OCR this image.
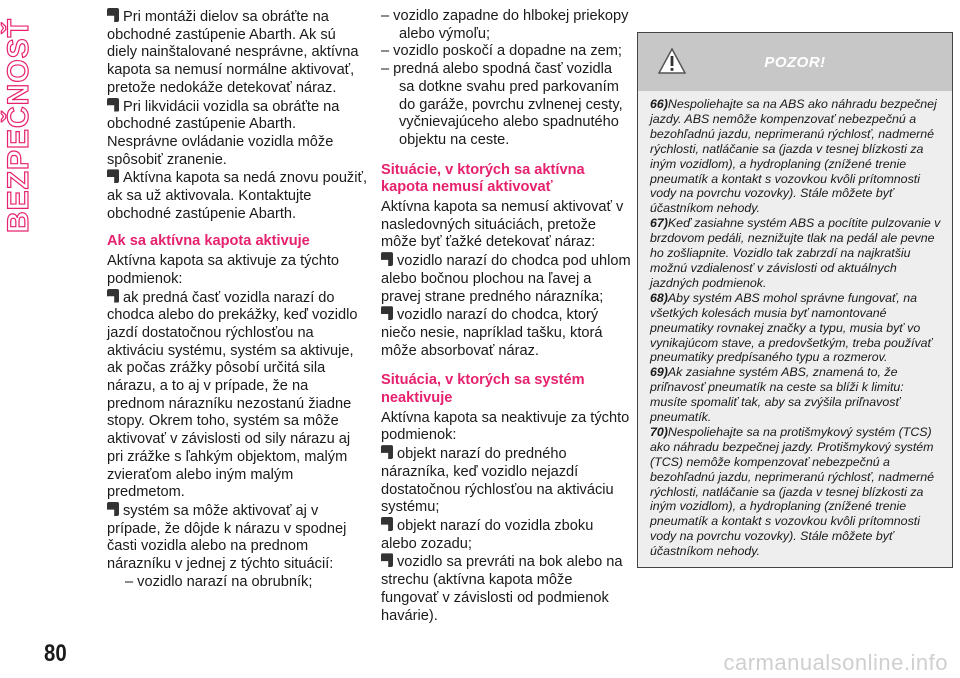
BEZPEČNOSŤ

Pri montáži dielov sa obráťte na obchodné zastúpenie Abarth. Ak sú diely nainštalované nesprávne, aktívna kapota sa nemusí normálne aktivovať, pretože nedokáže detekovať náraz.

Pri likvidácii vozidla sa obráťte na obchodné zastúpenie Abarth. Nesprávne ovládanie vozidla môže spôsobiť zranenie.

Aktívna kapota sa nedá znovu použiť, ak sa už aktivovala. Kontaktujte obchodné zastúpenie Abarth.

Ak sa aktívna kapota aktivuje

Aktívna kapota sa aktivuje za týchto podmienok:

ak predná časť vozidla narazí do chodca alebo do prekážky, keď vozidlo jazdí dostatočnou rýchlosťou na aktiváciu systému, systém sa aktivuje, ak počas zrážky pôsobí určitá sila nárazu, a to aj v prípade, že na prednom nárazníku nezostanú žiadne stopy. Okrem toho, systém sa môže aktivovať v závislosti od sily nárazu aj pri zrážke s ľahkým objektom, malým zvieraťom alebo iným malým predmetom.

systém sa môže aktivovať aj v prípade, že dôjde k nárazu v spodnej časti vozidla alebo na prednom nárazníku v jednej z týchto situácií:

– vozidlo narazí na obrubník;

– vozidlo zapadne do hlbokej priekopy alebo výmoľu;

– vozidlo poskočí a dopadne na zem;

– predná alebo spodná časť vozidla sa dotkne svahu pred parkovaním do garáže, povrchu zvlnenej cesty, vyčnievajúceho alebo spadnutého objektu na ceste.

Situácie, v ktorých sa aktívna kapota nemusí aktivovať

Aktívna kapota sa nemusí aktivovať v nasledovných situáciách, pretože môže byť ťažké detekovať náraz:

vozidlo narazí do chodca pod uhlom alebo bočnou plochou na ľavej a pravej strane predného nárazníka;

vozidlo narazí do chodca, ktorý niečo nesie, napríklad tašku, ktorá môže absorbovať náraz.

Situácia, v ktorých sa systém neaktivuje

Aktívna kapota sa neaktivuje za týchto podmienok:

objekt narazí do predného nárazníka, keď vozidlo nejazdí dostatočnou rýchlosťou na aktiváciu systému;

objekt narazí do vozidla zboku alebo zozadu;

vozidlo sa prevráti na bok alebo na strechu (aktívna kapota môže fungovať v závislosti od podmienok havárie).

POZOR!

66)Nespoliehajte sa na ABS ako náhradu bezpečnej jazdy. ABS nemôže kompenzovať nebezpečnú a bezohľadnú jazdu, neprimeranú rýchlosť, nadmerné rýchlosti, natláčanie sa (jazda v tesnej blízkosti za iným vozidlom), a hydroplaning (znížené trenie pneumatík a kontakt s vozovkou kvôli prítomnosti vody na povrchu vozovky). Stále môžete byť účastníkom nehody.

67)Keď zasiahne systém ABS a pocítite pulzovanie v brzdovom pedáli, neznižujte tlak na pedál ale pevne ho zošliapnite. Vozidlo tak zabrzdí na najkratšiu možnú vzdialenosť v závislosti od aktuálnych jazdných podmienok.

68)Aby systém ABS mohol správne fungovať, na všetkých kolesách musia byť namontované pneumatiky rovnakej značky a typu, musia byť vo vynikajúcom stave, a predovšetkým, treba používať pneumatiky predpísaného typu a rozmerov.

69)Ak zasiahne systém ABS, znamená to, že priľnavosť pneumatík na ceste sa blíži k limitu: musíte spomaliť tak, aby sa zvýšila priľnavosť pneumatík.

70)Nespoliehajte sa na protišmykový systém (TCS) ako náhradu bezpečnej jazdy. Protišmykový systém (TCS) nemôže kompenzovať nebezpečnú a bezohľadnú jazdu, neprimeranú rýchlosť, nadmerné rýchlosti, natláčanie sa (jazda v tesnej blízkosti za iným vozidlom), a hydroplaning (znížené trenie pneumatík a kontakt s vozovkou kvôli prítomnosti vody na povrchu vozovky). Stále môžete byť účastníkom nehody.

80	carmanualsonline.info
